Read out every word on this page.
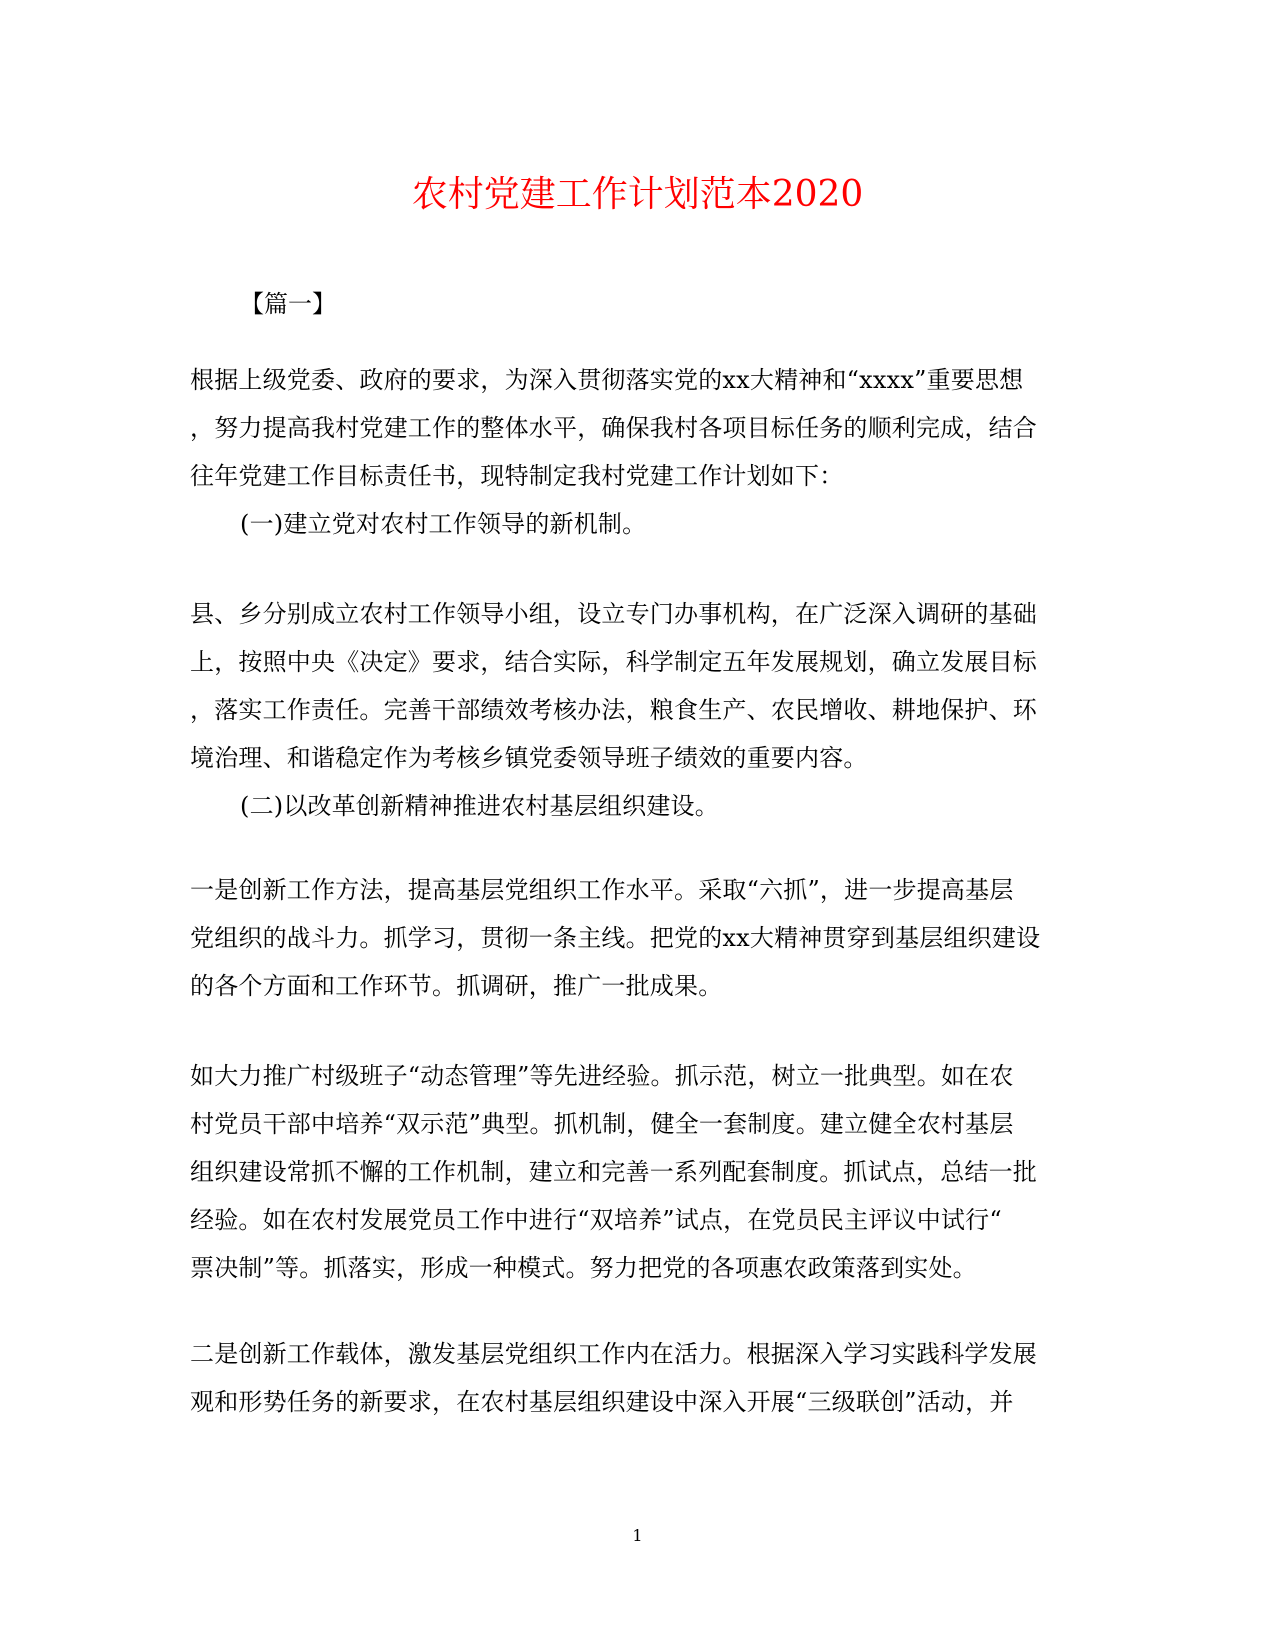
农村党建工作计划范本2020
【篇一】
根据上级党委、政府的要求，为深入贯彻落实党的xx大精神和“xxxx”重要思想
，努力提高我村党建工作的整体水平，确保我村各项目标任务的顺利完成，结合
往年党建工作目标责任书，现特制定我村党建工作计划如下：
(一)建立党对农村工作领导的新机制。
县、乡分别成立农村工作领导小组，设立专门办事机构，在广泛深入调研的基础
上，按照中央《决定》要求，结合实际，科学制定五年发展规划，确立发展目标
，落实工作责任。完善干部绩效考核办法，粮食生产、农民增收、耕地保护、环
境治理、和谐稳定作为考核乡镇党委领导班子绩效的重要内容。
(二)以改革创新精神推进农村基层组织建设。
一是创新工作方法，提高基层党组织工作水平。采取“六抓”，进一步提高基层
党组织的战斗力。抓学习，贯彻一条主线。把党的xx大精神贯穿到基层组织建设
的各个方面和工作环节。抓调研，推广一批成果。
如大力推广村级班子“动态管理”等先进经验。抓示范，树立一批典型。如在农
村党员干部中培养“双示范”典型。抓机制，健全一套制度。建立健全农村基层
组织建设常抓不懈的工作机制，建立和完善一系列配套制度。抓试点，总结一批
经验。如在农村发展党员工作中进行“双培养”试点，在党员民主评议中试行“
票决制”等。抓落实，形成一种模式。努力把党的各项惠农政策落到实处。
二是创新工作载体，激发基层党组织工作内在活力。根据深入学习实践科学发展
观和形势任务的新要求，在农村基层组织建设中深入开展“三级联创”活动，并
1
